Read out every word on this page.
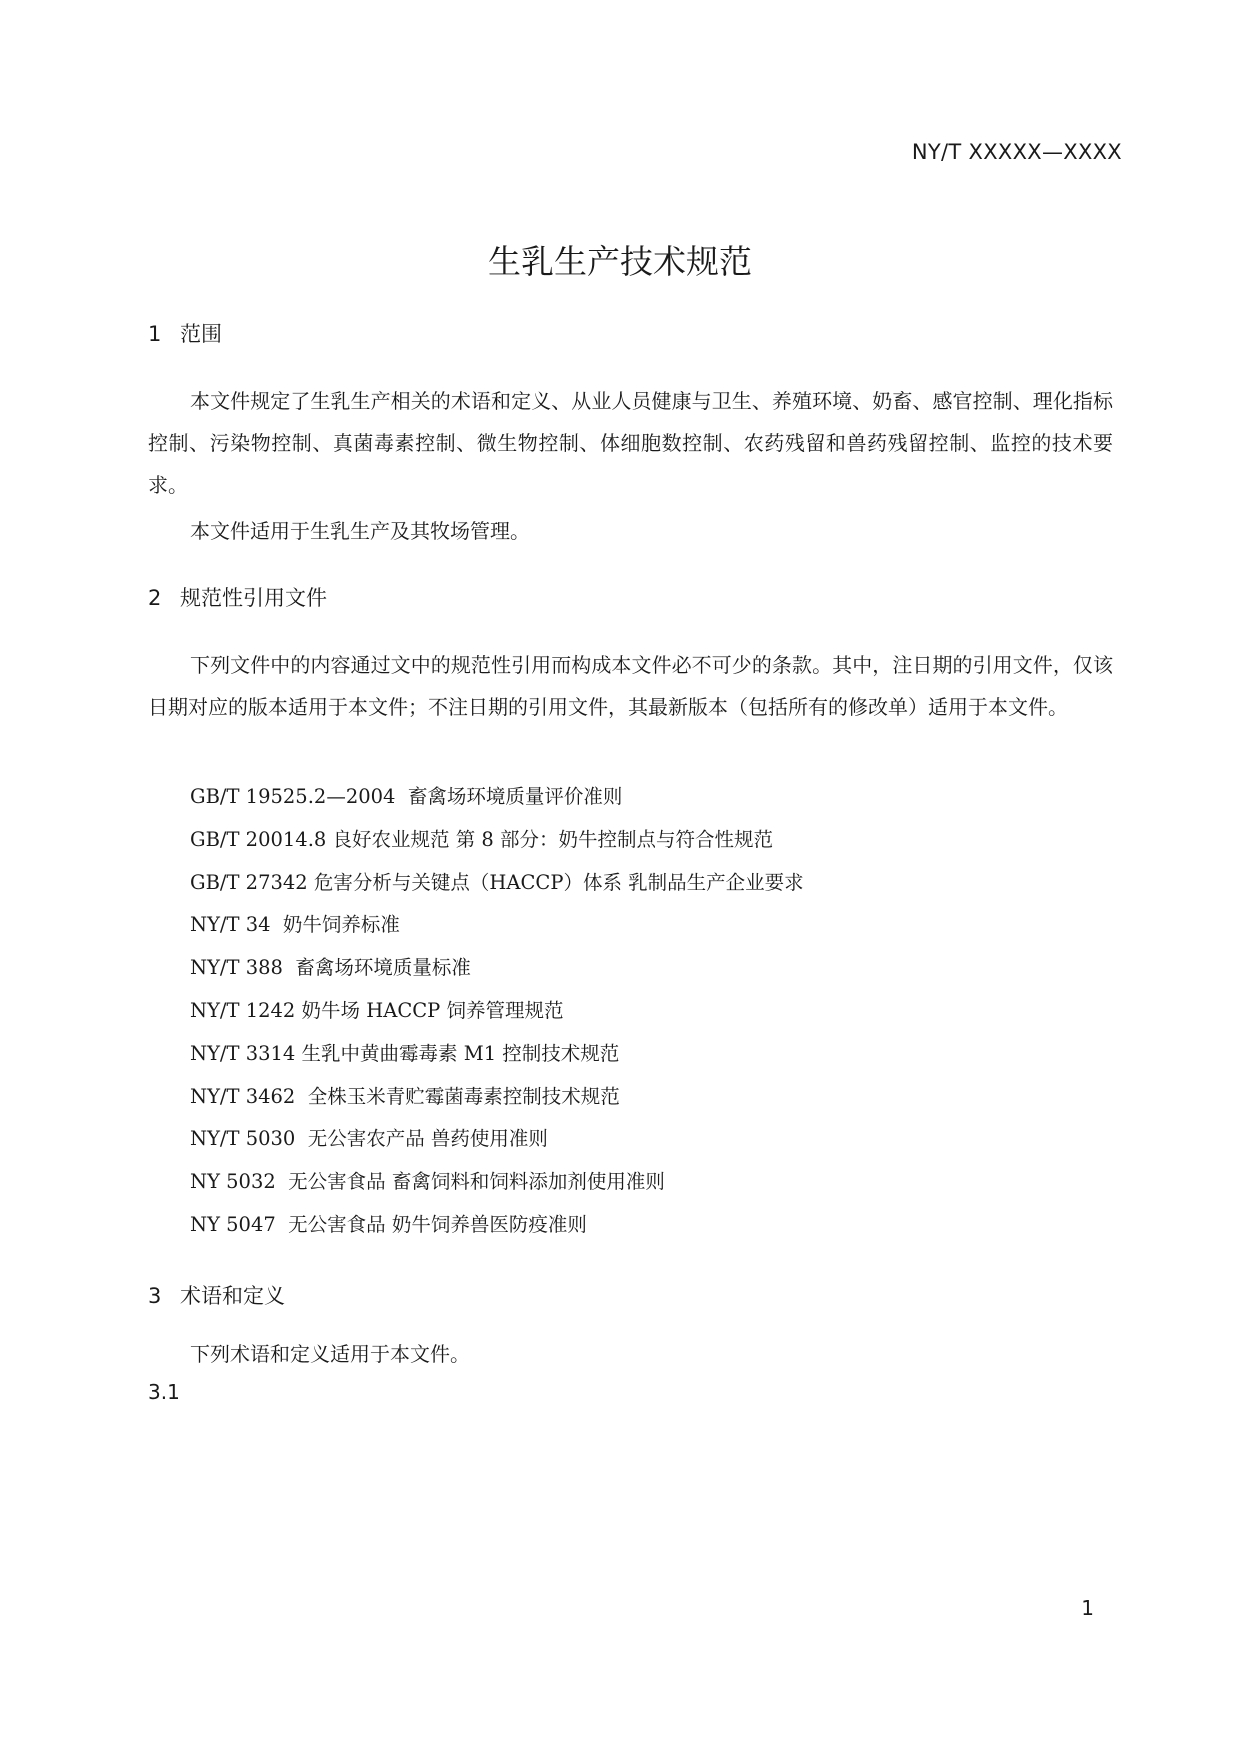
NY/T XXXXX—XXXX
生乳生产技术规范
1 范围
本文件规定了生乳生产相关的术语和定义、从业人员健康与卫生、养殖环境、奶畜、感官控制、理化指标控制、污染物控制、真菌毒素控制、微生物控制、体细胞数控制、农药残留和兽药残留控制、监控的技术要求。
本文件适用于生乳生产及其牧场管理。
2 规范性引用文件
下列文件中的内容通过文中的规范性引用而构成本文件必不可少的条款。其中，注日期的引用文件，仅该日期对应的版本适用于本文件；不注日期的引用文件，其最新版本（包括所有的修改单）适用于本文件。
GB/T 19525.2—2004  畜禽场环境质量评价准则
GB/T 20014.8 良好农业规范 第 8 部分：奶牛控制点与符合性规范
GB/T 27342 危害分析与关键点（HACCP）体系 乳制品生产企业要求
NY/T 34  奶牛饲养标准
NY/T 388  畜禽场环境质量标准
NY/T 1242 奶牛场 HACCP 饲养管理规范
NY/T 3314 生乳中黄曲霉毒素 M1 控制技术规范
NY/T 3462  全株玉米青贮霉菌毒素控制技术规范
NY/T 5030  无公害农产品 兽药使用准则
NY 5032  无公害食品 畜禽饲料和饲料添加剂使用准则
NY 5047  无公害食品 奶牛饲养兽医防疫准则
3 术语和定义
下列术语和定义适用于本文件。
3.1
1
